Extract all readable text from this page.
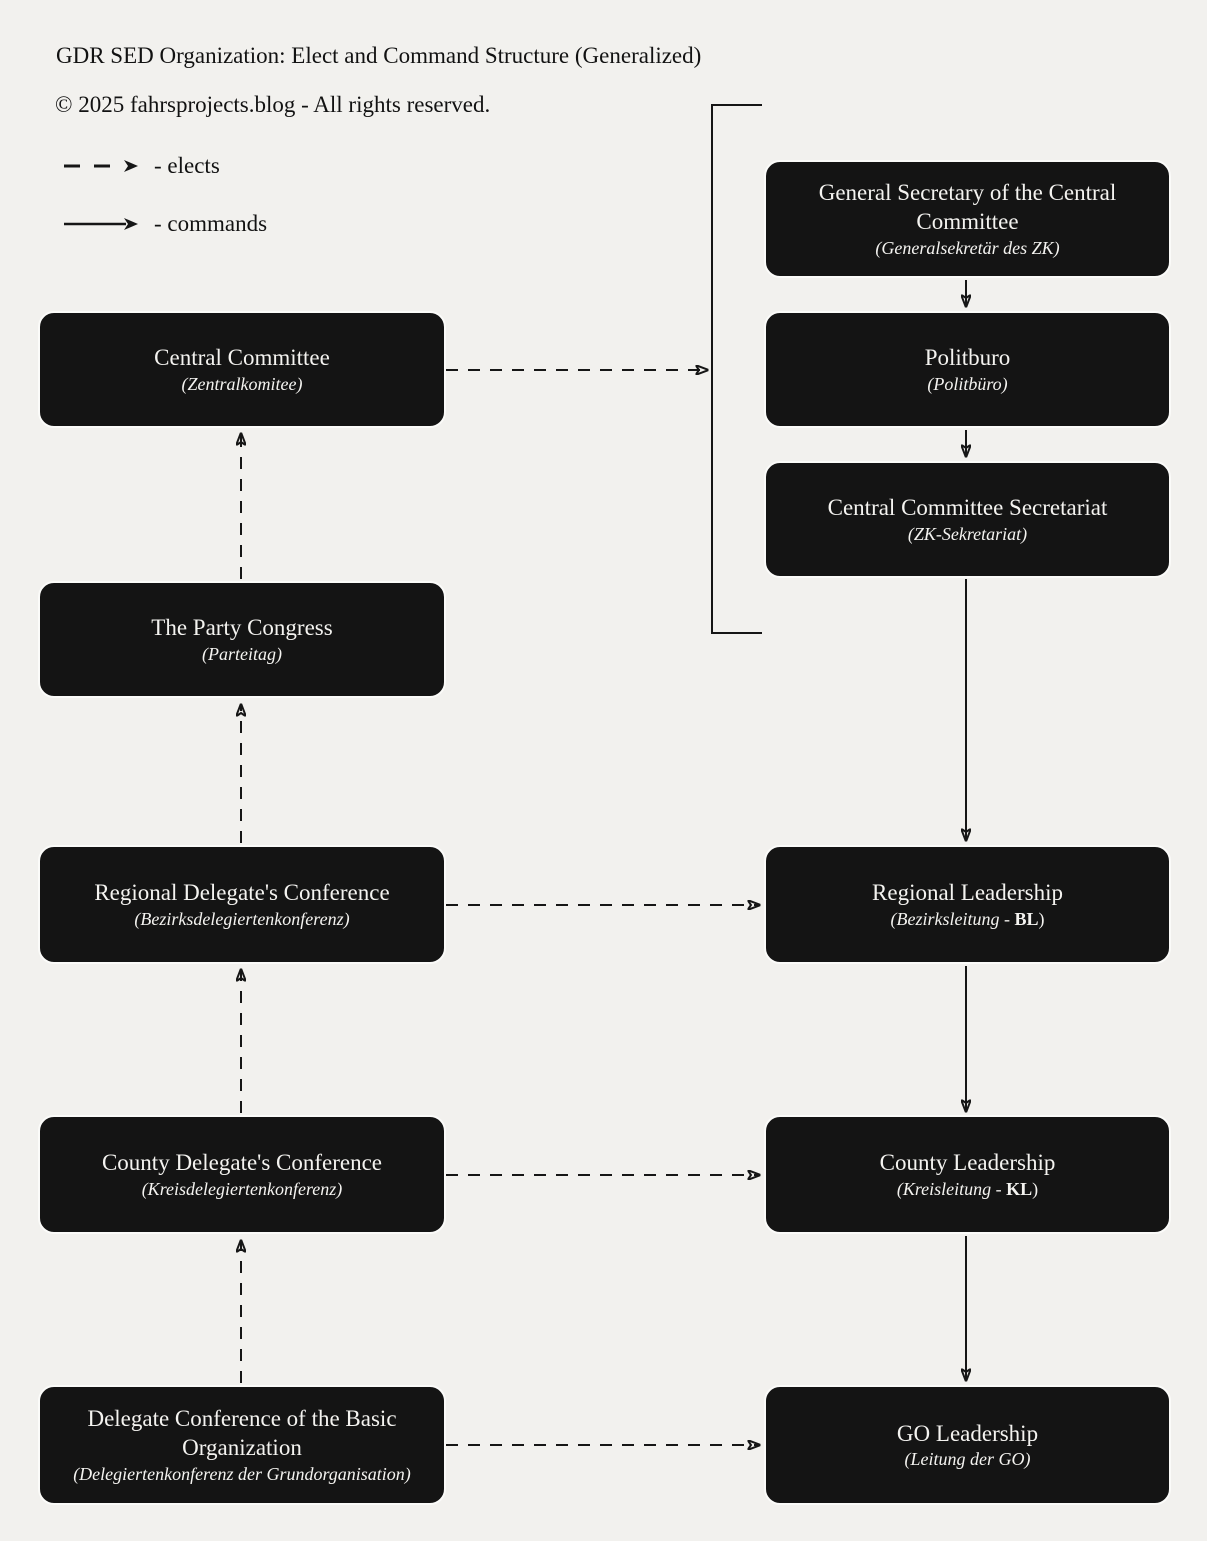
GDR SED Organization: Elect and Command Structure (Generalized)
© 2025 fahrsprojects.blog - All rights reserved.
- elects
- commands
Central Committee
(Zentralkomitee)
The Party Congress
(Parteitag)
Regional Delegate's Conference
(Bezirksdelegiertenkonferenz)
County Delegate's Conference
(Kreisdelegiertenkonferenz)
Delegate Conference of the Basic Organization
(Delegiertenkonferenz der Grundorganisation)
General Secretary of the Central Committee
(Generalsekretär des ZK)
Politburo
(Politbüro)
Central Committee Secretariat
(ZK-Sekretariat)
Regional Leadership
(Bezirksleitung - BL)
County Leadership
(Kreisleitung - KL)
GO Leadership
(Leitung der GO)
